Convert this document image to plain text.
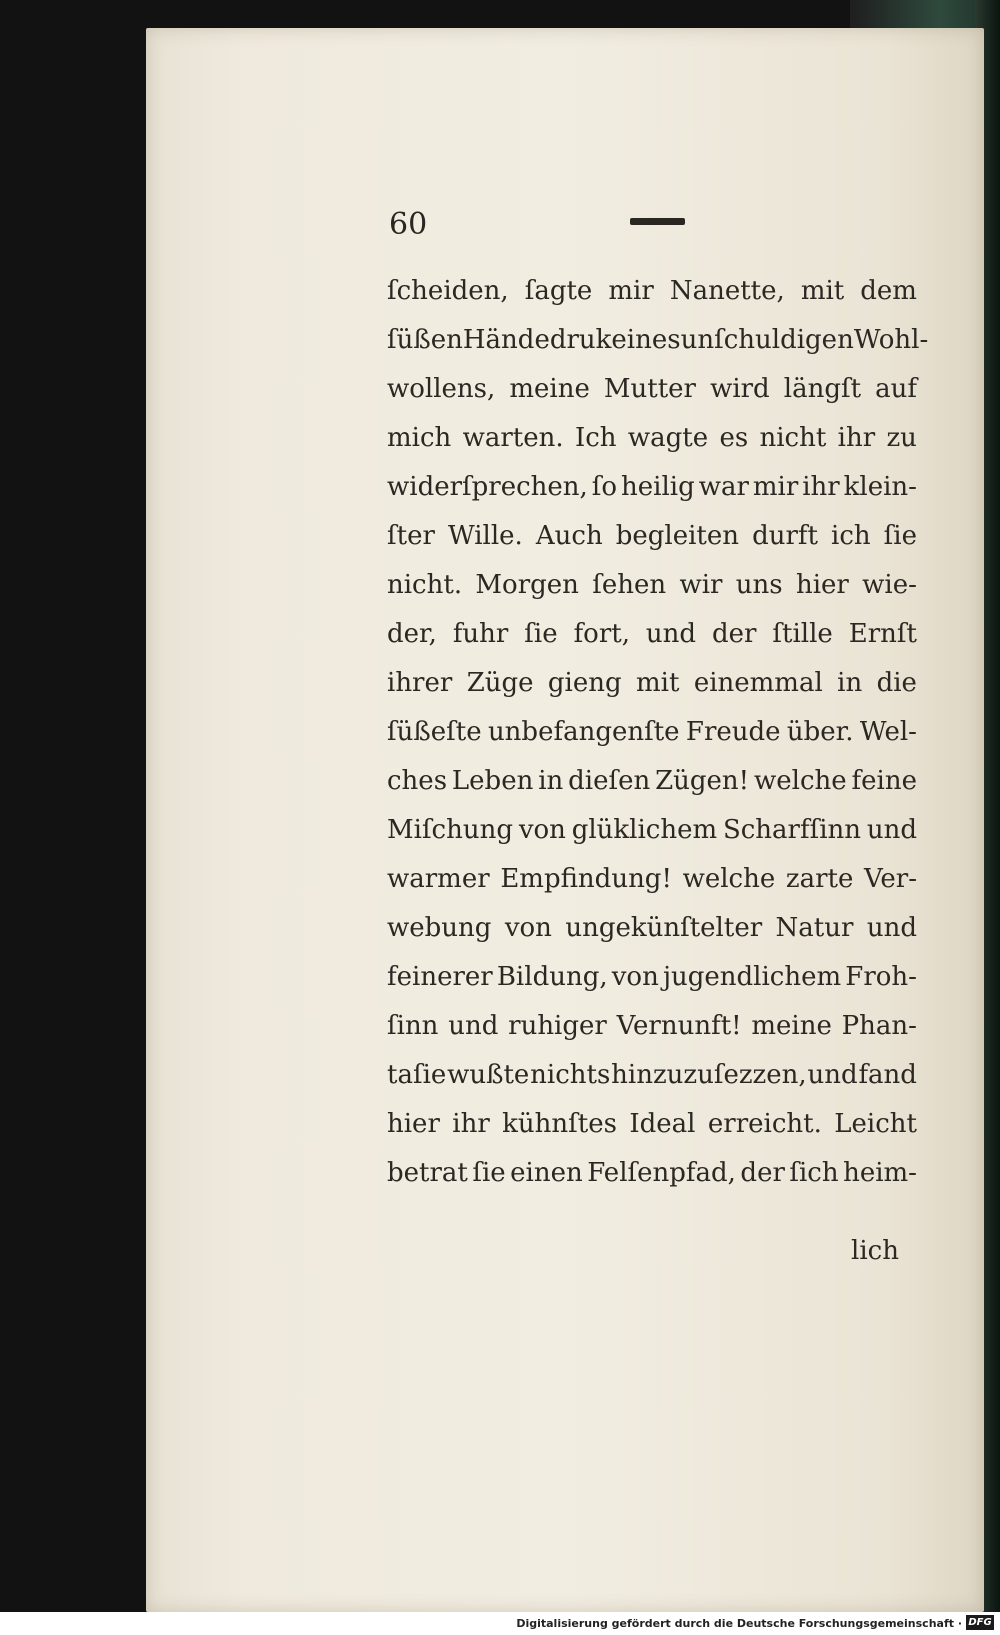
60
ſcheiden, ſagte mir Nanette, mit dem
ſüßen Händedruk eines unſchuldigen Wohl-
wollens, meine Mutter wird längſt auf
mich warten. Ich wagte es nicht ihr zu
widerſprechen, ſo heilig war mir ihr klein-
ſter Wille. Auch begleiten durft ich ſie
nicht. Morgen ſehen wir uns hier wie-
der, fuhr ſie fort, und der ſtille Ernſt
ihrer Züge gieng mit einemmal in die
ſüßeſte unbefangenſte Freude über. Wel-
ches Leben in dieſen Zügen! welche feine
Miſchung von glüklichem Scharfſinn und
warmer Empfindung! welche zarte Ver-
webung von ungekünſtelter Natur und
feinerer Bildung, von jugendlichem Froh-
ſinn und ruhiger Vernunft! meine Phan-
taſie wußte nichts hinzuzuſezzen, und fand
hier ihr kühnſtes Ideal erreicht. Leicht
betrat ſie einen Felſenpfad, der ſich heim-
lich
Digitalisierung gefördert durch die Deutsche Forschungsgemeinschaft · DFG
